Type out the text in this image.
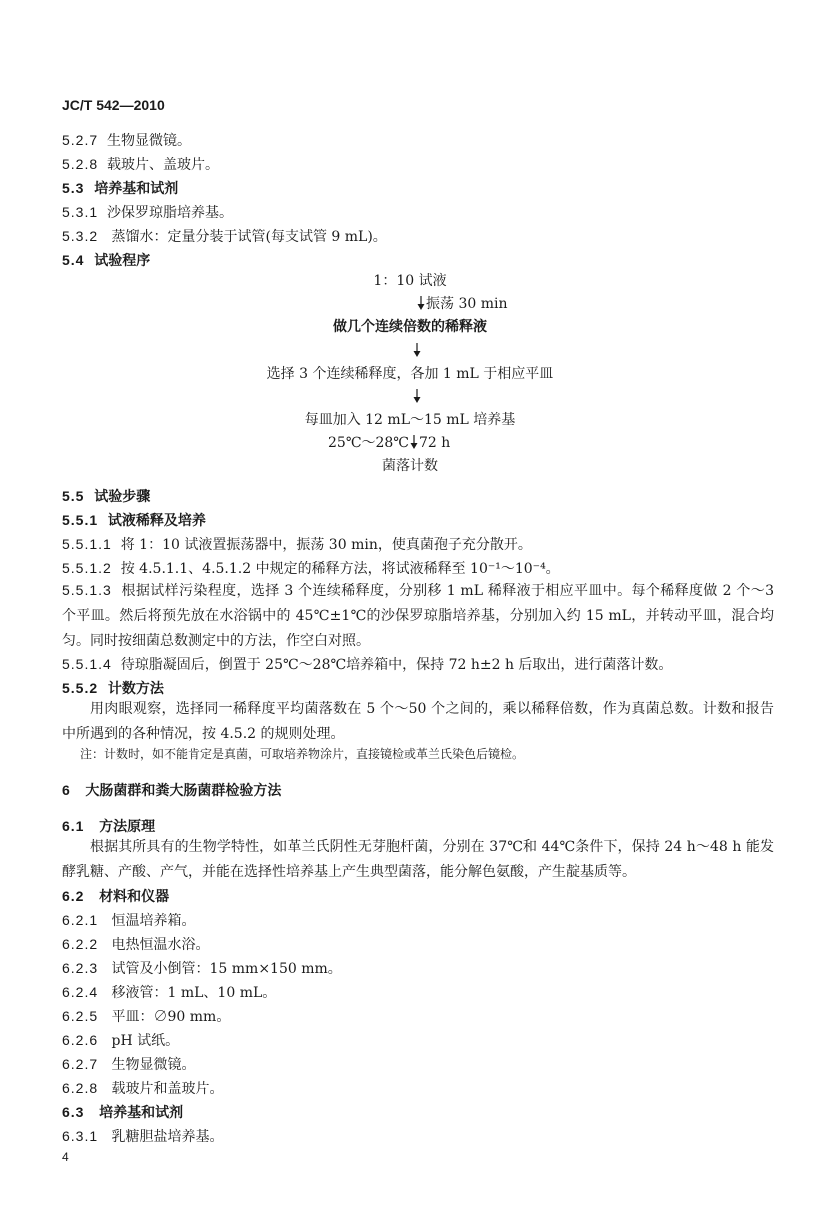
JC/T 542—2010
5.2.7 生物显微镜。
5.2.8 载玻片、盖玻片。
5.3 培养基和试剂
5.3.1 沙保罗琼脂培养基。
5.3.2 蒸馏水：定量分装于试管(每支试管 9 mL)。
5.4 试验程序
1：10 试液
振荡 30 min
做几个连续倍数的稀释液
选择 3 个连续稀释度，各加 1 mL 于相应平皿
每皿加入 12 mL～15 mL 培养基
25℃～28℃ 72 h
菌落计数
5.5 试验步骤
5.5.1 试液稀释及培养
5.5.1.1 将 1：10 试液置振荡器中，振荡 30 min，使真菌孢子充分散开。
5.5.1.2 按 4.5.1.1、4.5.1.2 中规定的稀释方法，将试液稀释至 10⁻¹～10⁻⁴。
5.5.1.3 根据试样污染程度，选择 3 个连续稀释度，分别移 1 mL 稀释液于相应平皿中。每个稀释度做 2 个～3 个平皿。然后将预先放在水浴锅中的 45℃±1℃的沙保罗琼脂培养基，分别加入约 15 mL，并转动平皿，混合均匀。同时按细菌总数测定中的方法，作空白对照。
5.5.1.4 待琼脂凝固后，倒置于 25℃～28℃培养箱中，保持 72 h±2 h 后取出，进行菌落计数。
5.5.2 计数方法
用肉眼观察，选择同一稀释度平均菌落数在 5 个～50 个之间的，乘以稀释倍数，作为真菌总数。计数和报告中所遇到的各种情况，按 4.5.2 的规则处理。
注：计数时，如不能肯定是真菌，可取培养物涂片，直接镜检或革兰氏染色后镜检。
6 大肠菌群和粪大肠菌群检验方法
6.1 方法原理
根据其所具有的生物学特性，如革兰氏阴性无芽胞杆菌，分别在 37℃和 44℃条件下，保持 24 h～48 h 能发酵乳糖、产酸、产气，并能在选择性培养基上产生典型菌落，能分解色氨酸，产生靛基质等。
6.2 材料和仪器
6.2.1 恒温培养箱。
6.2.2 电热恒温水浴。
6.2.3 试管及小倒管：15 mm×150 mm。
6.2.4 移液管：1 mL、10 mL。
6.2.5 平皿：∅90 mm。
6.2.6 pH 试纸。
6.2.7 生物显微镜。
6.2.8 载玻片和盖玻片。
6.3 培养基和试剂
6.3.1 乳糖胆盐培养基。
4
